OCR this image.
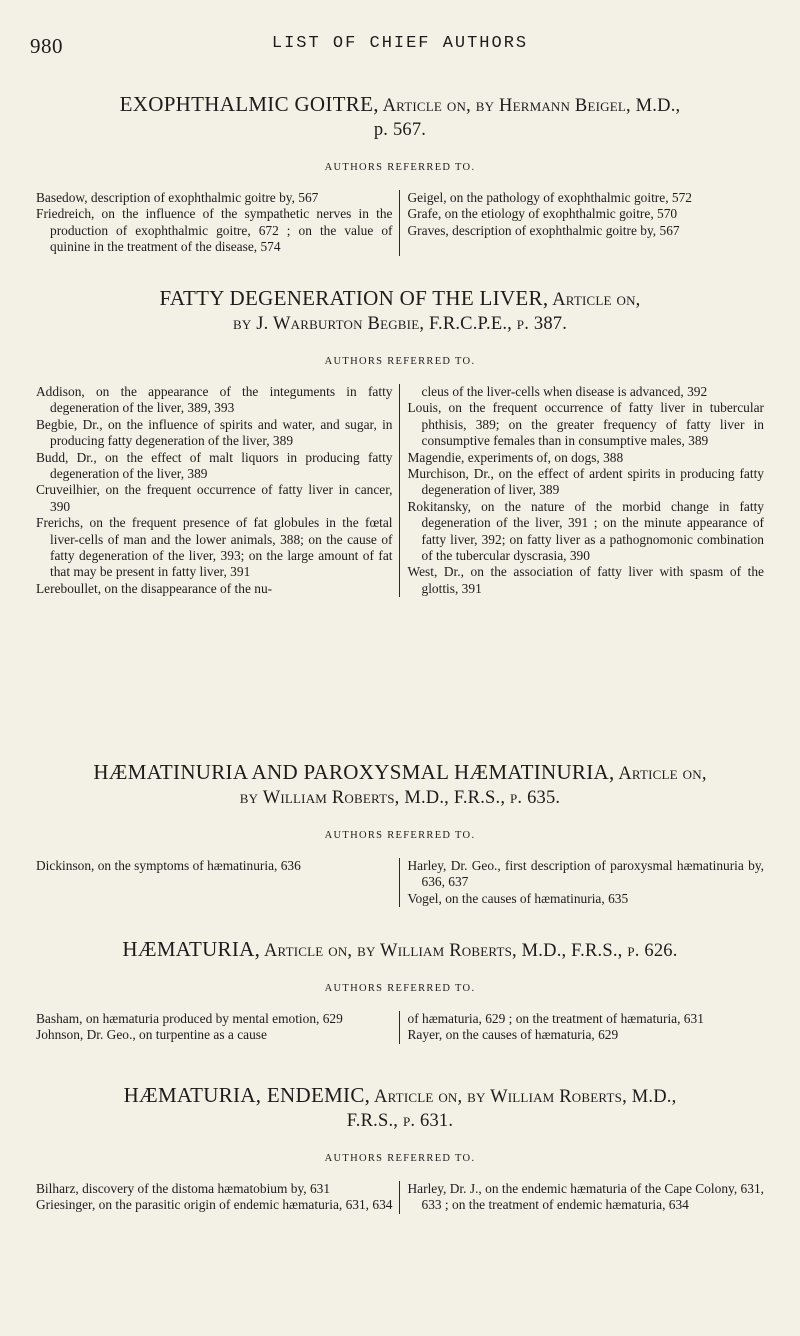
980	LIST OF CHIEF AUTHORS

EXOPHTHALMIC GOITRE, Article on, by Hermann Beigel, M.D.,
p. 567.

AUTHORS REFERRED TO.
Basedow, description of exophthalmic goitre by, 567
Friedreich, on the influence of the sympathetic nerves in the production of exophthalmic goitre, 672 ; on the value of quinine in the treatment of the disease, 574
Geigel, on the pathology of exophthalmic goitre, 572
Grafe, on the etiology of exophthalmic goitre, 570
Graves, description of exophthalmic goitre by, 567

FATTY DEGENERATION OF THE LIVER, Article on,
by J. Warburton Begbie, F.R.C.P.E., p. 387.

AUTHORS REFERRED TO.
Addison, on the appearance of the integuments in fatty degeneration of the liver, 389, 393
Begbie, Dr., on the influence of spirits and water, and sugar, in producing fatty degeneration of the liver, 389
Budd, Dr., on the effect of malt liquors in producing fatty degeneration of the liver, 389
Cruveilhier, on the frequent occurrence of fatty liver in cancer, 390
Frerichs, on the frequent presence of fat globules in the fœtal liver-cells of man and the lower animals, 388; on the cause of fatty degeneration of the liver, 393; on the large amount of fat that may be present in fatty liver, 391
Lereboullet, on the disappearance of the nu-
cleus of the liver-cells when disease is advanced, 392
Louis, on the frequent occurrence of fatty liver in tubercular phthisis, 389; on the greater frequency of fatty liver in consumptive females than in consumptive males, 389
Magendie, experiments of, on dogs, 388
Murchison, Dr., on the effect of ardent spirits in producing fatty degeneration of liver, 389
Rokitansky, on the nature of the morbid change in fatty degeneration of the liver, 391 ; on the minute appearance of fatty liver, 392; on fatty liver as a pathognomonic combination of the tubercular dyscrasia, 390
West, Dr., on the association of fatty liver with spasm of the glottis, 391

HÆMATINURIA AND PAROXYSMAL HÆMATINURIA, Article on,
by William Roberts, M.D., F.R.S., p. 635.

AUTHORS REFERRED TO.
Dickinson, on the symptoms of hæmatinuria, 636	Harley, Dr. Geo., first description of paroxysmal hæmatinuria by, 636, 637
Vogel, on the causes of hæmatinuria, 635

HÆMATURIA, Article on, by William Roberts, M.D., F.R.S., p. 626.

AUTHORS REFERRED TO.
Basham, on hæmaturia produced by mental emotion, 629
Johnson, Dr. Geo., on turpentine as a cause
of hæmaturia, 629 ; on the treatment of hæmaturia, 631
Rayer, on the causes of hæmaturia, 629

HÆMATURIA, ENDEMIC, Article on, by William Roberts, M.D.,
F.R.S., p. 631.

AUTHORS REFERRED TO.
Bilharz, discovery of the distoma hæmatobium by, 631
Griesinger, on the parasitic origin of endemic hæmaturia, 631, 634
Harley, Dr. J., on the endemic hæmaturia of the Cape Colony, 631, 633 ; on the treatment of endemic hæmaturia, 634
